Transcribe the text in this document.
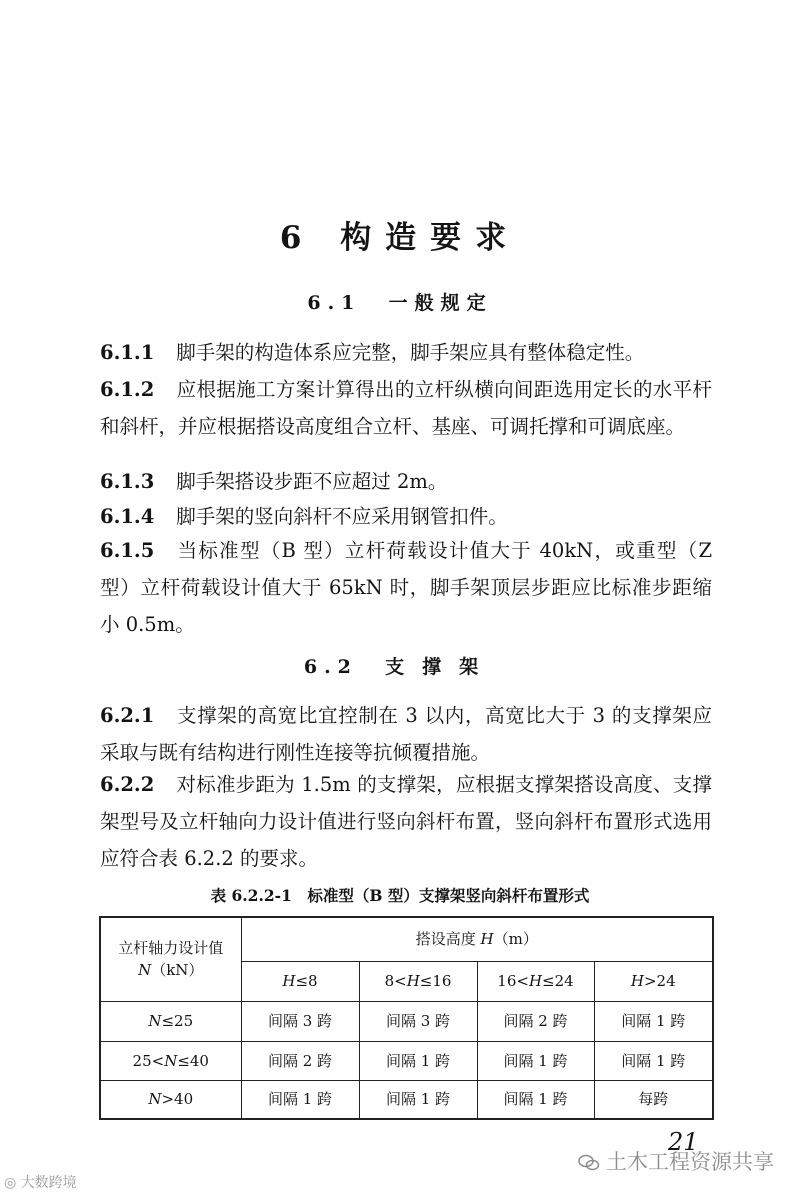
6 构造要求
6.1 一般规定
6.1.1 脚手架的构造体系应完整，脚手架应具有整体稳定性。
6.1.2 应根据施工方案计算得出的立杆纵横向间距选用定长的水平杆和斜杆，并应根据搭设高度组合立杆、基座、可调托撑和可调底座。
6.1.3 脚手架搭设步距不应超过 2m。
6.1.4 脚手架的竖向斜杆不应采用钢管扣件。
6.1.5 当标准型（B 型）立杆荷载设计值大于 40kN，或重型（Z 型）立杆荷载设计值大于 65kN 时，脚手架顶层步距应比标准步距缩小 0.5m。
6.2 支撑架
6.2.1 支撑架的高宽比宜控制在 3 以内，高宽比大于 3 的支撑架应采取与既有结构进行刚性连接等抗倾覆措施。
6.2.2 对标准步距为 1.5m 的支撑架，应根据支撑架搭设高度、支撑架型号及立杆轴向力设计值进行竖向斜杆布置，竖向斜杆布置形式选用应符合表 6.2.2 的要求。
表 6.2.2-1　标准型（B 型）支撑架竖向斜杆布置形式
立杆轴力设计值
N（kN）	搭设高度 H（m）			
	H≤8	8<H≤16	16<H≤24	H>24
N≤25	间隔 3 跨	间隔 3 跨	间隔 2 跨	间隔 1 跨
25<N≤40	间隔 2 跨	间隔 1 跨	间隔 1 跨	间隔 1 跨
N>40	间隔 1 跨	间隔 1 跨	间隔 1 跨	每跨
21
◎ 大数跨境
土木工程资源共享
